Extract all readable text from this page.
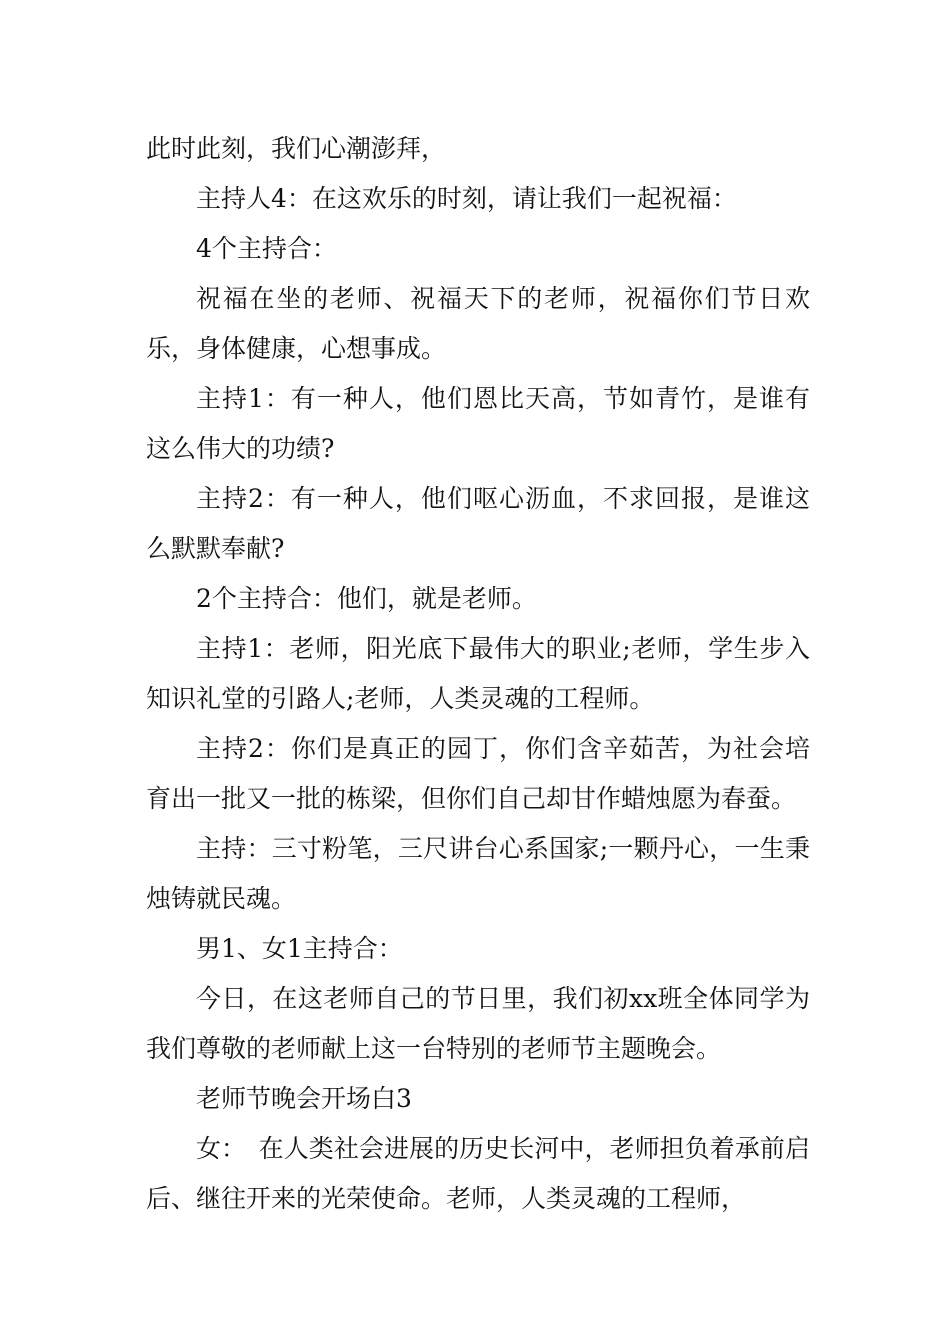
此时此刻，我们心潮澎拜，

主持人4：在这欢乐的时刻，请让我们一起祝福：

4个主持合：

祝福在坐的老师、祝福天下的老师，祝福你们节日欢乐，身体健康，心想事成。

主持1：有一种人，他们恩比天高，节如青竹，是谁有这么伟大的功绩?

主持2：有一种人，他们呕心沥血，不求回报，是谁这么默默奉献?

2个主持合：他们，就是老师。

主持1：老师，阳光底下最伟大的职业;老师，学生步入知识礼堂的引路人;老师，人类灵魂的工程师。

主持2：你们是真正的园丁，你们含辛茹苦，为社会培育出一批又一批的栋梁，但你们自己却甘作蜡烛愿为春蚕。

主持：三寸粉笔，三尺讲台心系国家;一颗丹心，一生秉烛铸就民魂。

男1、女1主持合：

今日，在这老师自己的节日里，我们初xx班全体同学为我们尊敬的老师献上这一台特别的老师节主题晚会。

老师节晚会开场白3

女：　在人类社会进展的历史长河中，老师担负着承前启后、继往开来的光荣使命。老师，人类灵魂的工程师，
